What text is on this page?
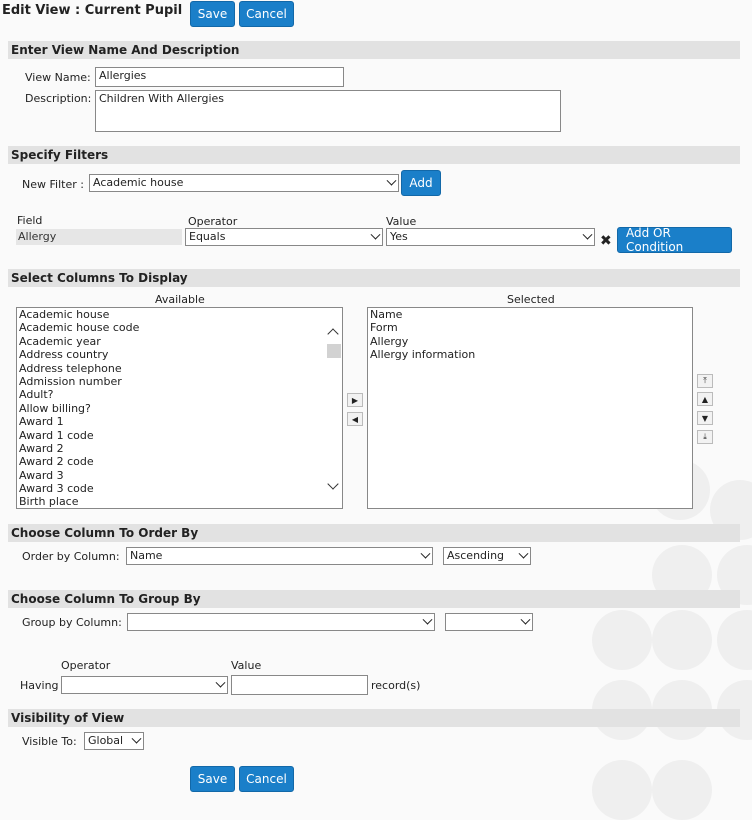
Edit View : Current Pupil	Save	Cancel
Enter View Name And Description
View Name: Allergies
Description: Children With Allergies
Specify Filters
New Filter : Academic house	Add
Field	Operator	Value
Allergy	Equals	Yes	✖	Add OR Condition
Select Columns To Display
Available	Selected
Academic house
Academic house code
Academic year
Address country
Address telephone
Admission number
Adult?
Allow billing?
Award 1
Award 1 code
Award 2
Award 2 code
Award 3
Award 3 code
Birth place
▶
◀
Name
Form
Allergy
Allergy information
⤒
▲
▼
⤓
Choose Column To Order By
Order by Column: Name	Ascending
Choose Column To Group By
Group by Column:
Operator	Value
Having	record(s)
Visibility of View
Visible To:	Global
Save	Cancel
